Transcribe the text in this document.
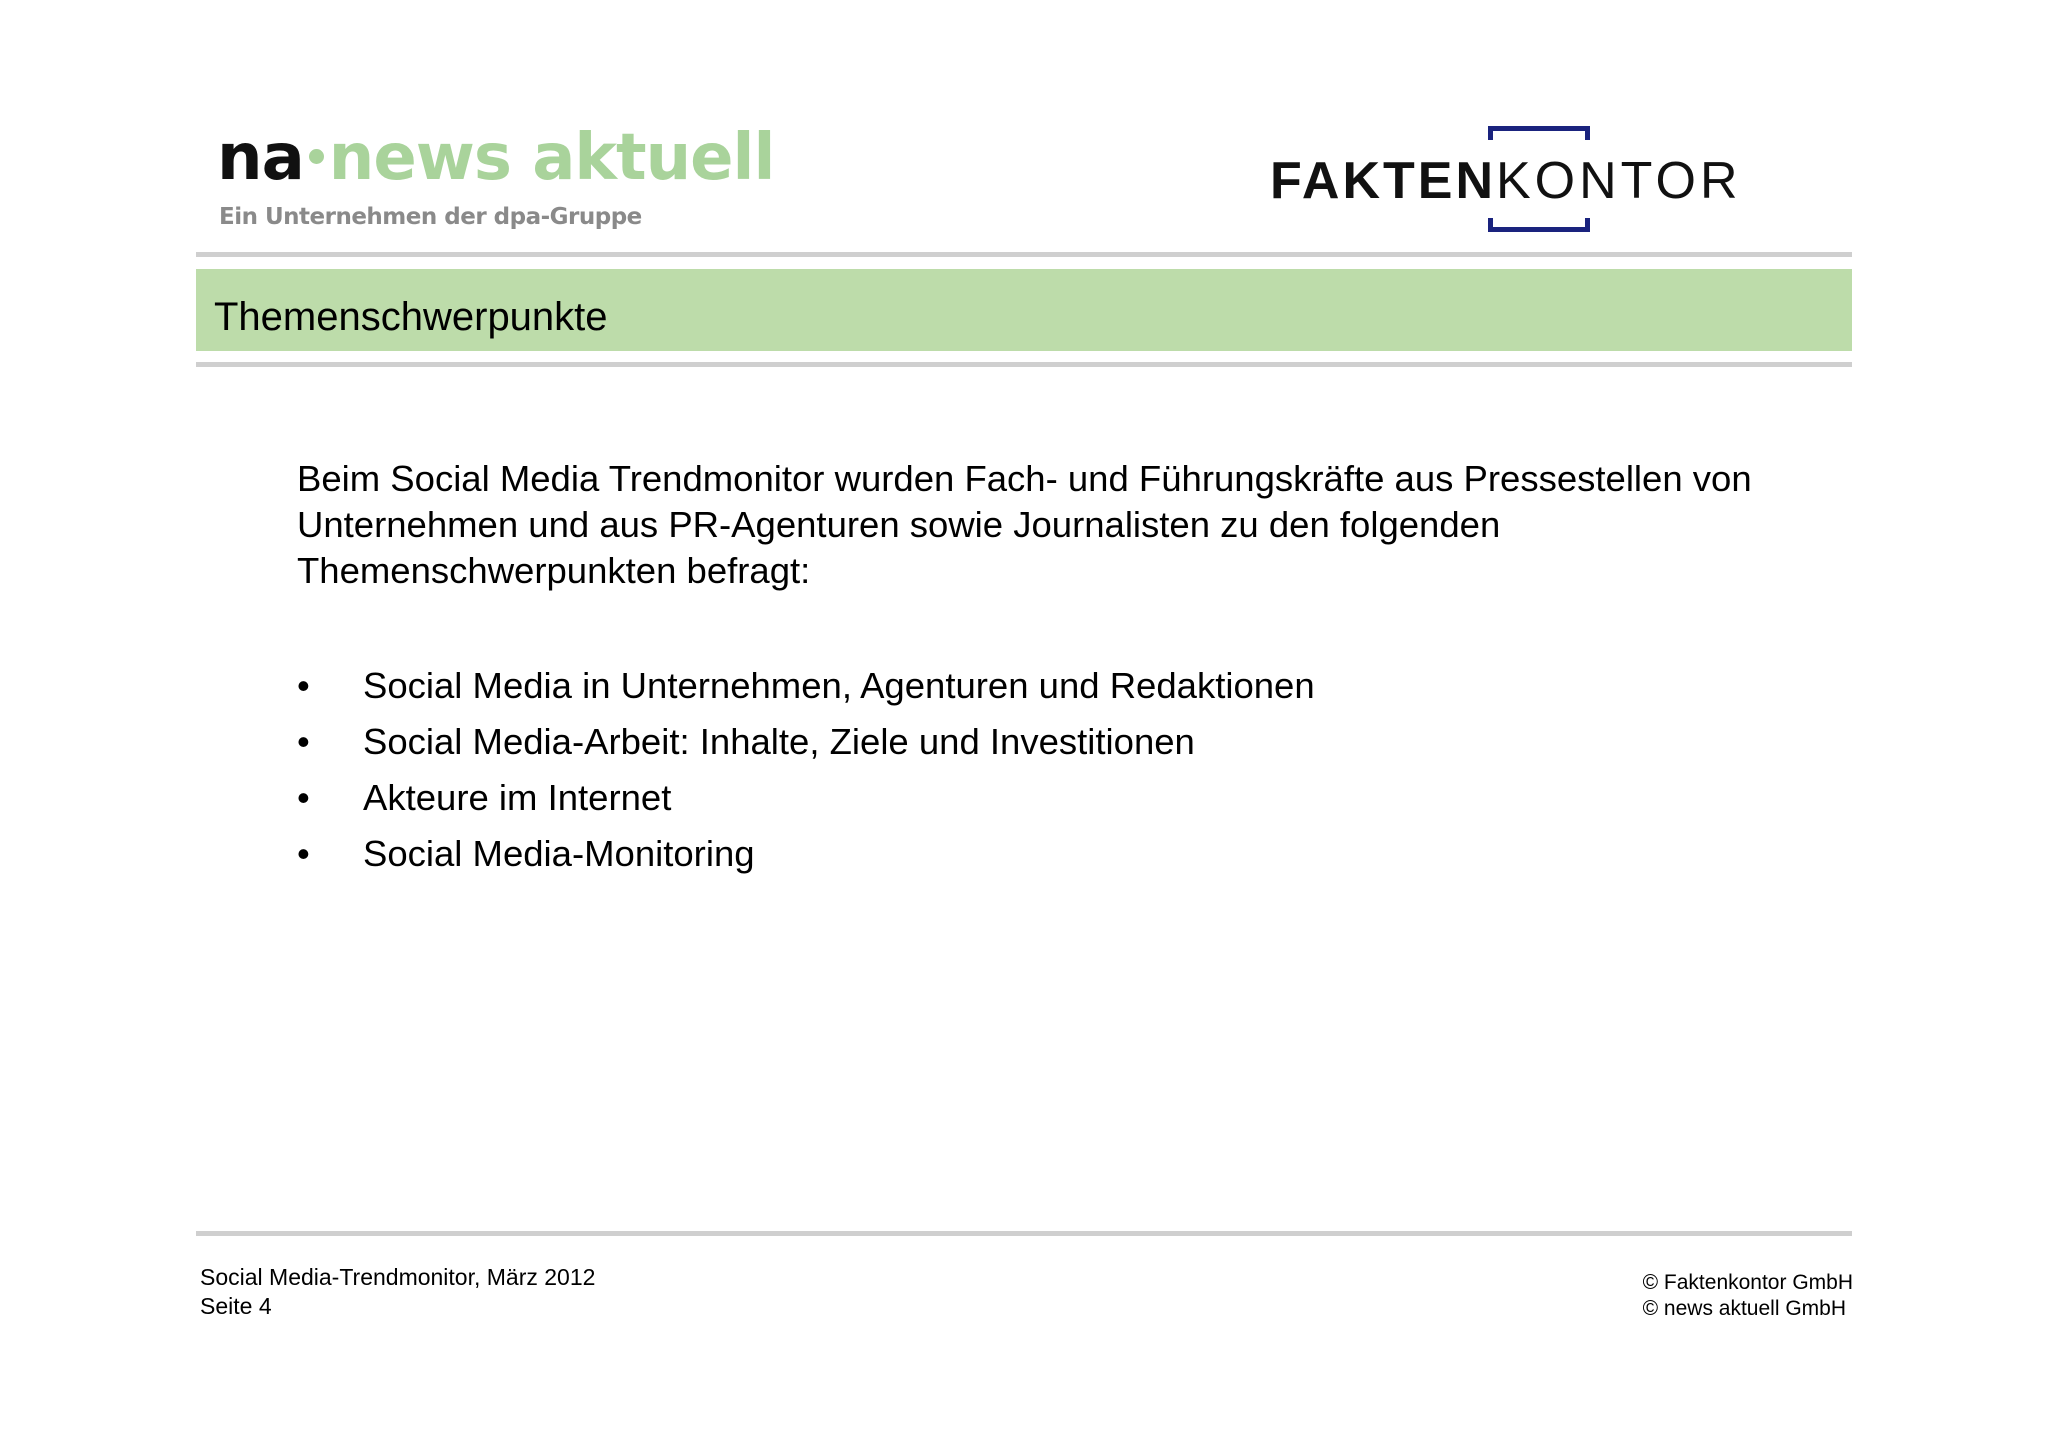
na news aktuell
Ein Unternehmen der dpa-Gruppe
FAKTENKONTOR
Themenschwerpunkte

Beim Social Media Trendmonitor wurden Fach- und Führungskräfte aus Pressestellen von Unternehmen und aus PR-Agenturen sowie Journalisten zu den folgenden Themenschwerpunkten befragt:

•	Social Media in Unternehmen, Agenturen und Redaktionen
•	Social Media-Arbeit: Inhalte, Ziele und Investitionen
•	Akteure im Internet
•	Social Media-Monitoring
Social Media-Trendmonitor, März 2012
Seite 4
© Faktenkontor GmbH
© news aktuell GmbH
